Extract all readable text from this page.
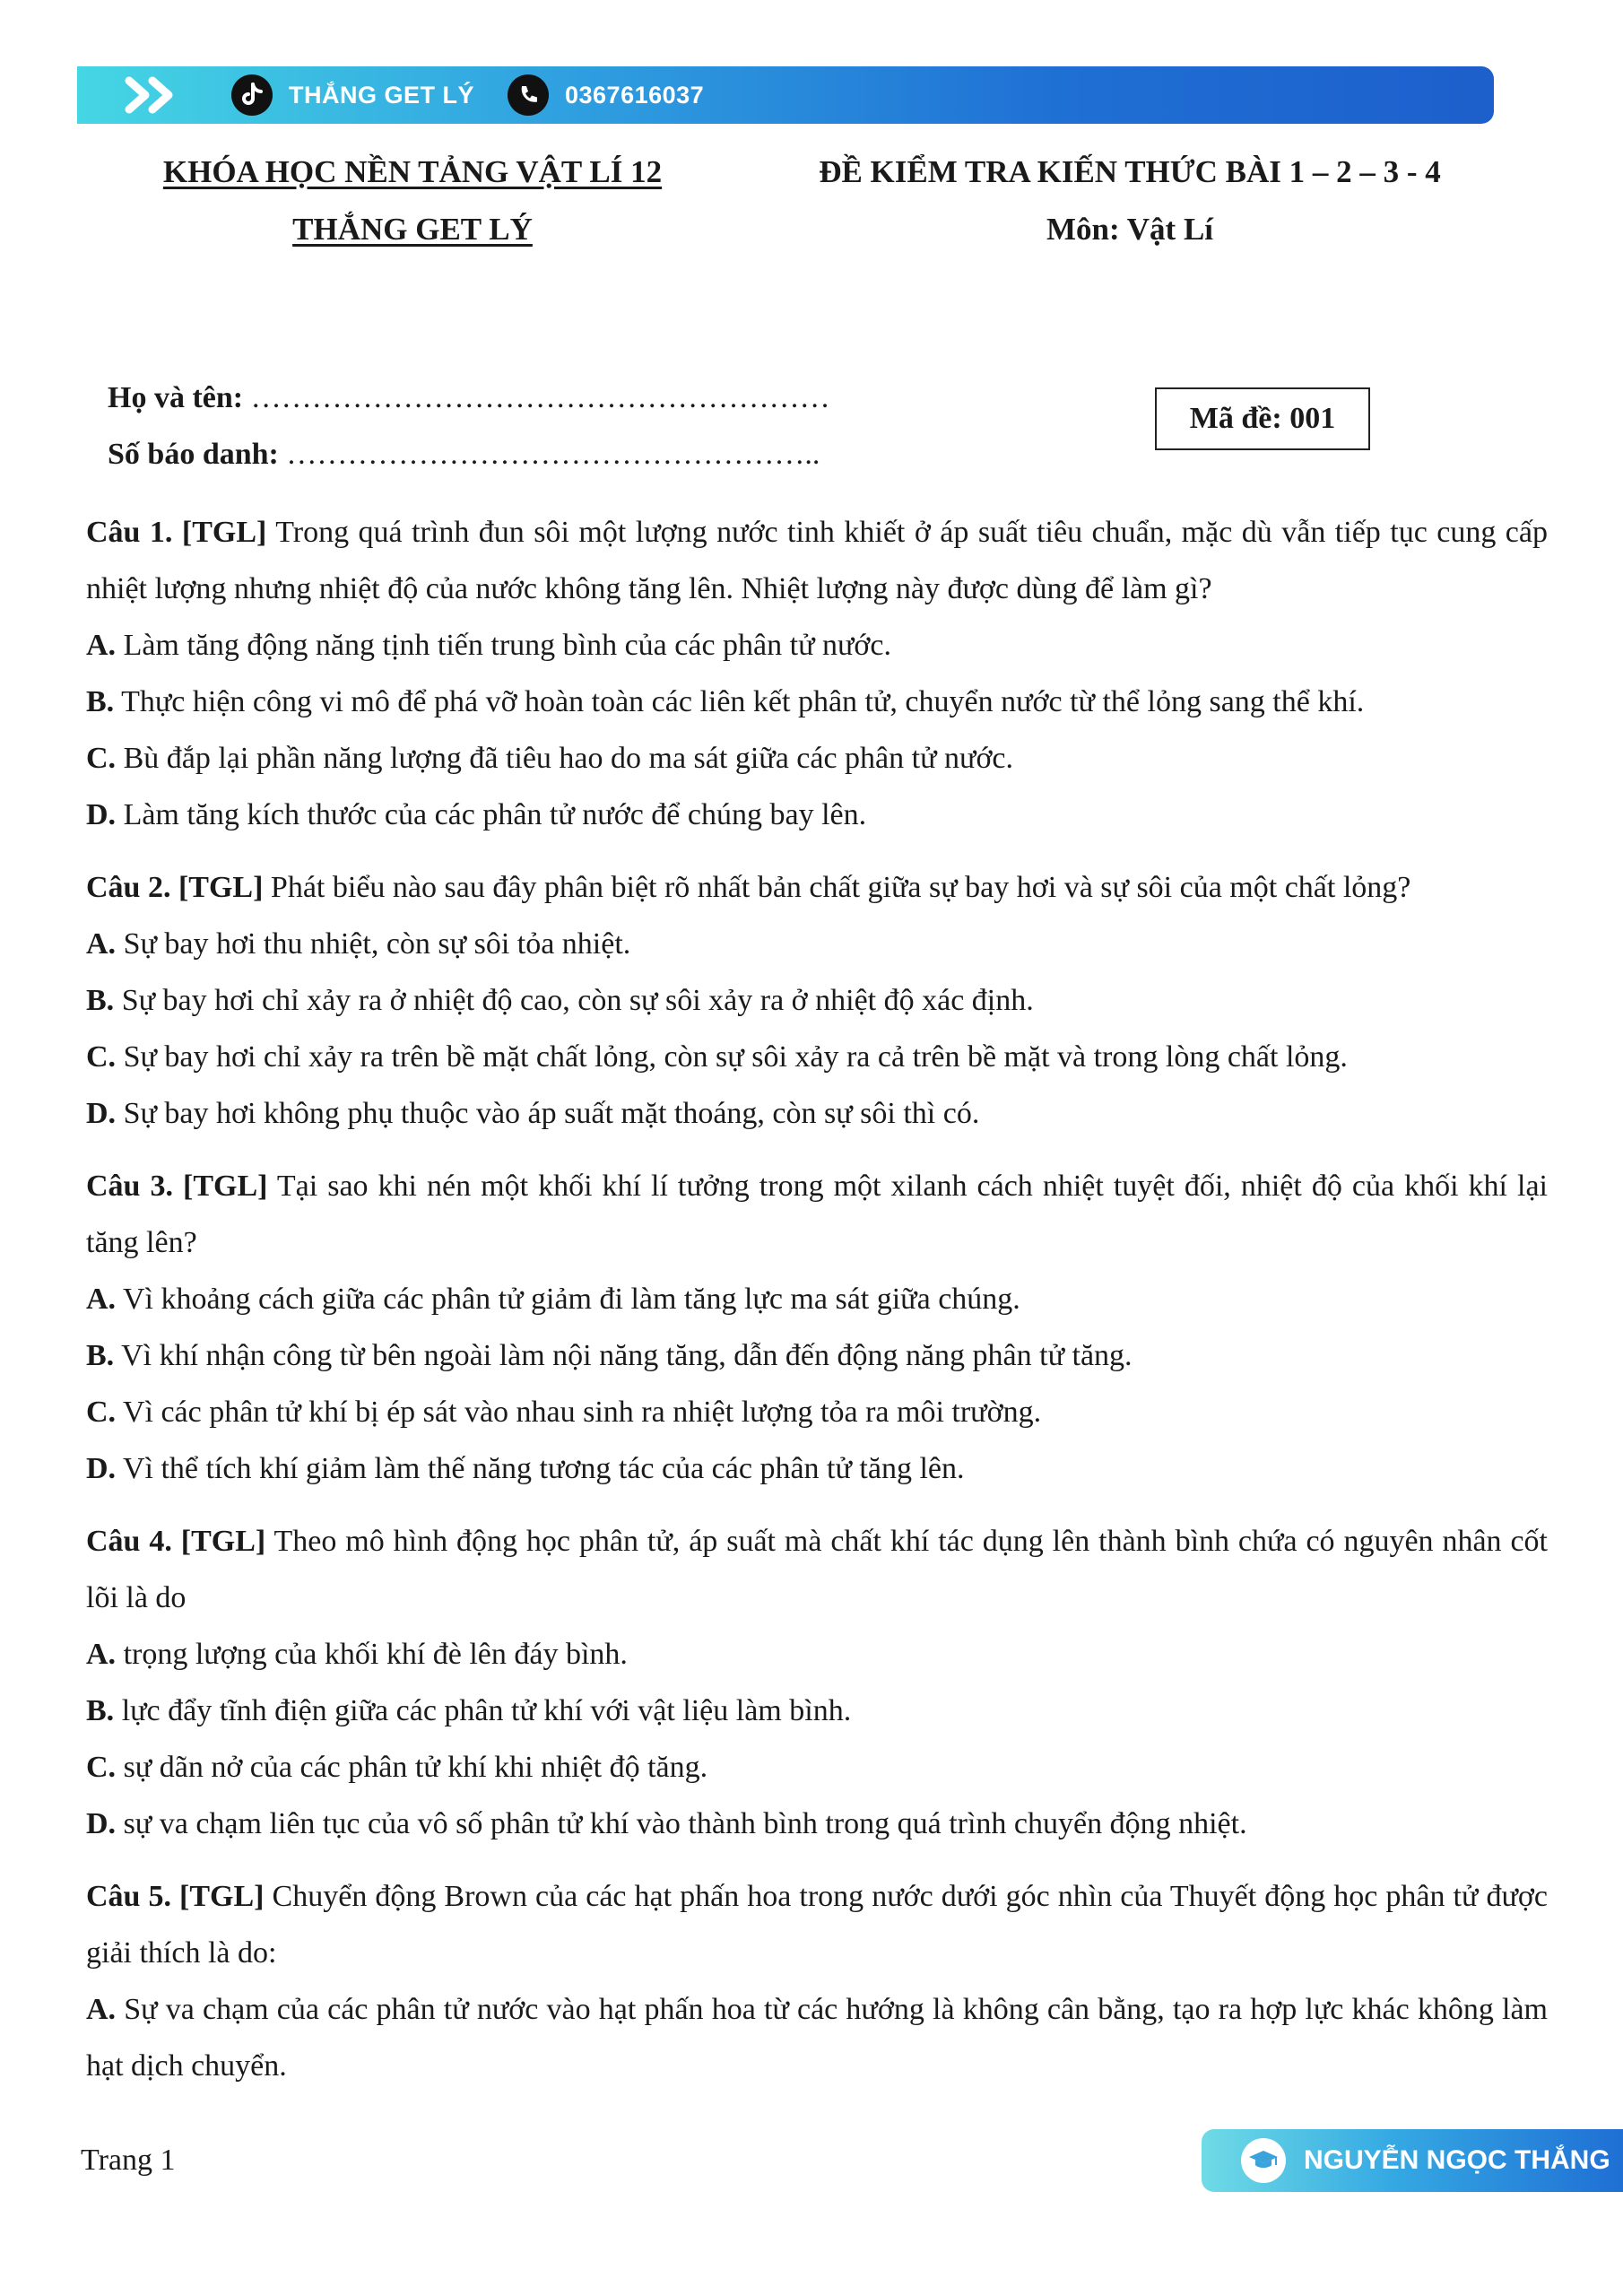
THẮNG GET LÝ	0367616037
KHÓA HỌC NỀN TẢNG VẬT LÍ 12
THẮNG GET LÝ
ĐỀ KIỂM TRA KIẾN THỨC BÀI 1 – 2 – 3 - 4
Môn: Vật Lí
Họ và tên: …………………………………………………
Số báo danh: ……………………………………………..
Mã đề: 001
Câu 1. [TGL] Trong quá trình đun sôi một lượng nước tinh khiết ở áp suất tiêu chuẩn, mặc dù vẫn tiếp tục cung cấp nhiệt lượng nhưng nhiệt độ của nước không tăng lên. Nhiệt lượng này được dùng để làm gì?
A. Làm tăng động năng tịnh tiến trung bình của các phân tử nước.
B. Thực hiện công vi mô để phá vỡ hoàn toàn các liên kết phân tử, chuyển nước từ thể lỏng sang thể khí.
C. Bù đắp lại phần năng lượng đã tiêu hao do ma sát giữa các phân tử nước.
D. Làm tăng kích thước của các phân tử nước để chúng bay lên.
Câu 2. [TGL] Phát biểu nào sau đây phân biệt rõ nhất bản chất giữa sự bay hơi và sự sôi của một chất lỏng?
A. Sự bay hơi thu nhiệt, còn sự sôi tỏa nhiệt.
B. Sự bay hơi chỉ xảy ra ở nhiệt độ cao, còn sự sôi xảy ra ở nhiệt độ xác định.
C. Sự bay hơi chỉ xảy ra trên bề mặt chất lỏng, còn sự sôi xảy ra cả trên bề mặt và trong lòng chất lỏng.
D. Sự bay hơi không phụ thuộc vào áp suất mặt thoáng, còn sự sôi thì có.
Câu 3. [TGL] Tại sao khi nén một khối khí lí tưởng trong một xilanh cách nhiệt tuyệt đối, nhiệt độ của khối khí lại tăng lên?
A. Vì khoảng cách giữa các phân tử giảm đi làm tăng lực ma sát giữa chúng.
B. Vì khí nhận công từ bên ngoài làm nội năng tăng, dẫn đến động năng phân tử tăng.
C. Vì các phân tử khí bị ép sát vào nhau sinh ra nhiệt lượng tỏa ra môi trường.
D. Vì thể tích khí giảm làm thế năng tương tác của các phân tử tăng lên.
Câu 4. [TGL] Theo mô hình động học phân tử, áp suất mà chất khí tác dụng lên thành bình chứa có nguyên nhân cốt lõi là do
A. trọng lượng của khối khí đè lên đáy bình.
B. lực đẩy tĩnh điện giữa các phân tử khí với vật liệu làm bình.
C. sự dãn nở của các phân tử khí khi nhiệt độ tăng.
D. sự va chạm liên tục của vô số phân tử khí vào thành bình trong quá trình chuyển động nhiệt.
Câu 5. [TGL] Chuyển động Brown của các hạt phấn hoa trong nước dưới góc nhìn của Thuyết động học phân tử được giải thích là do:
A. Sự va chạm của các phân tử nước vào hạt phấn hoa từ các hướng là không cân bằng, tạo ra hợp lực khác không làm hạt dịch chuyển.
Trang 1	NGUYỄN NGỌC THẮNG
